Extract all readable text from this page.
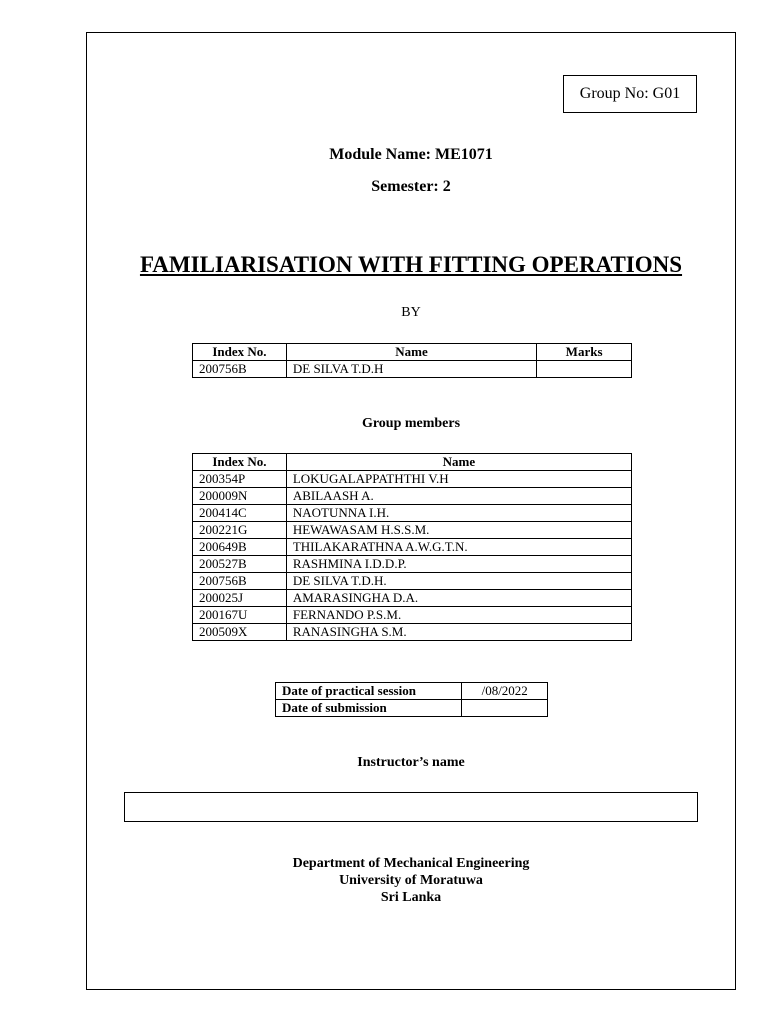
Group No: G01
Module Name: ME1071
Semester: 2
FAMILIARISATION WITH FITTING OPERATIONS
BY
Index No.	Name	Marks
200756B	DE SILVA T.D.H	
Group members
Index No.	Name
200354P	LOKUGALAPPATHTHI V.H
200009N	ABILAASH A.
200414C	NAOTUNNA I.H.
200221G	HEWAWASAM H.S.S.M.
200649B	THILAKARATHNA A.W.G.T.N.
200527B	RASHMINA I.D.D.P.
200756B	DE SILVA T.D.H.
200025J	AMARASINGHA D.A.
200167U	FERNANDO P.S.M.
200509X	RANASINGHA S.M.
Date of practical session	/08/2022
Date of submission	
Instructor’s name
Department of Mechanical Engineering
University of Moratuwa
Sri Lanka
